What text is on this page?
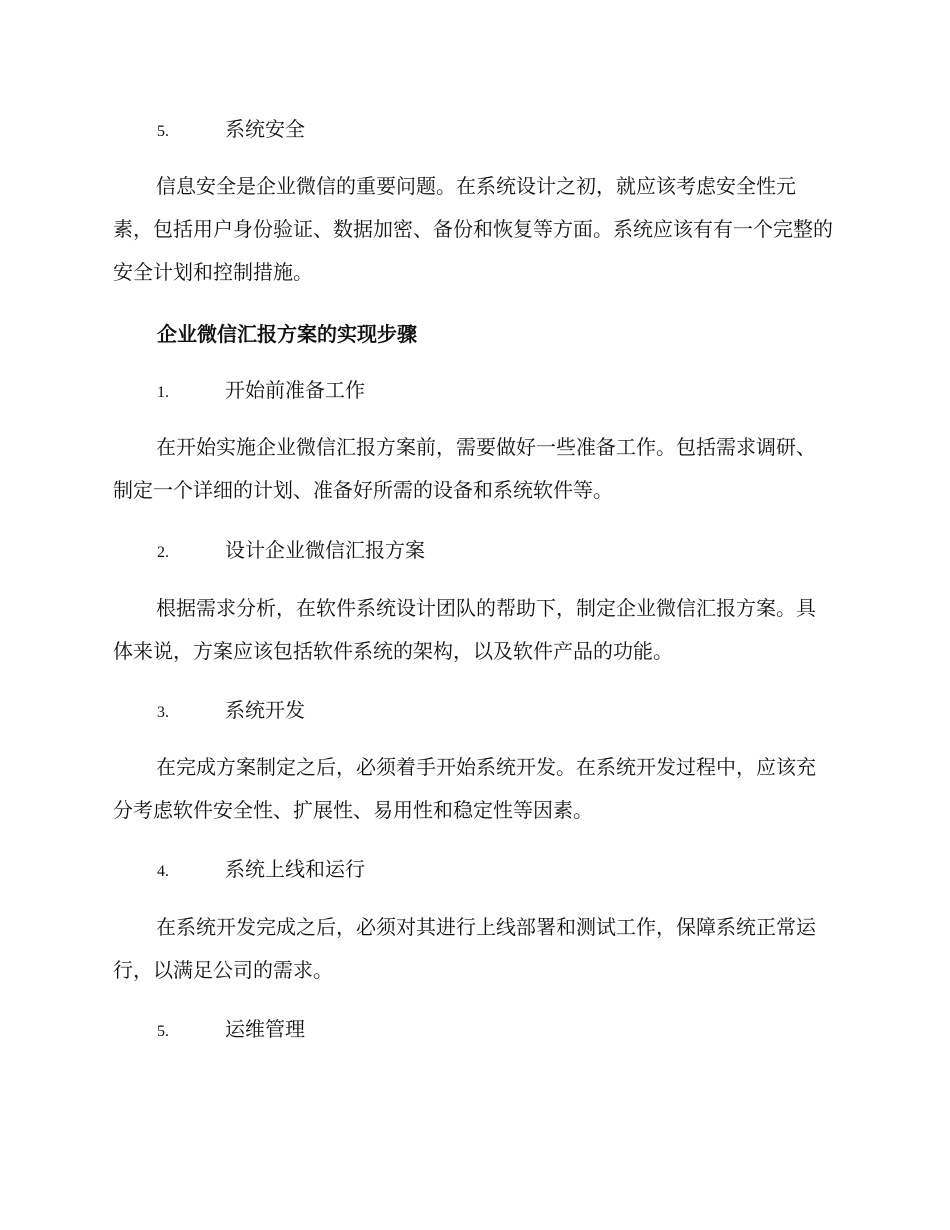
5.	系统安全

信息安全是企业微信的重要问题。在系统设计之初，就应该考虑安全性元素，包括用户身份验证、数据加密、备份和恢复等方面。系统应该有有一个完整的安全计划和控制措施。

企业微信汇报方案的实现步骤
1.	开始前准备工作

在开始实施企业微信汇报方案前，需要做好一些准备工作。包括需求调研、制定一个详细的计划、准备好所需的设备和系统软件等。

2.	设计企业微信汇报方案

根据需求分析，在软件系统设计团队的帮助下，制定企业微信汇报方案。具体来说，方案应该包括软件系统的架构，以及软件产品的功能。

3.	系统开发

在完成方案制定之后，必须着手开始系统开发。在系统开发过程中，应该充分考虑软件安全性、扩展性、易用性和稳定性等因素。

4.	系统上线和运行

在系统开发完成之后，必须对其进行上线部署和测试工作，保障系统正常运行，以满足公司的需求。

5.	运维管理
